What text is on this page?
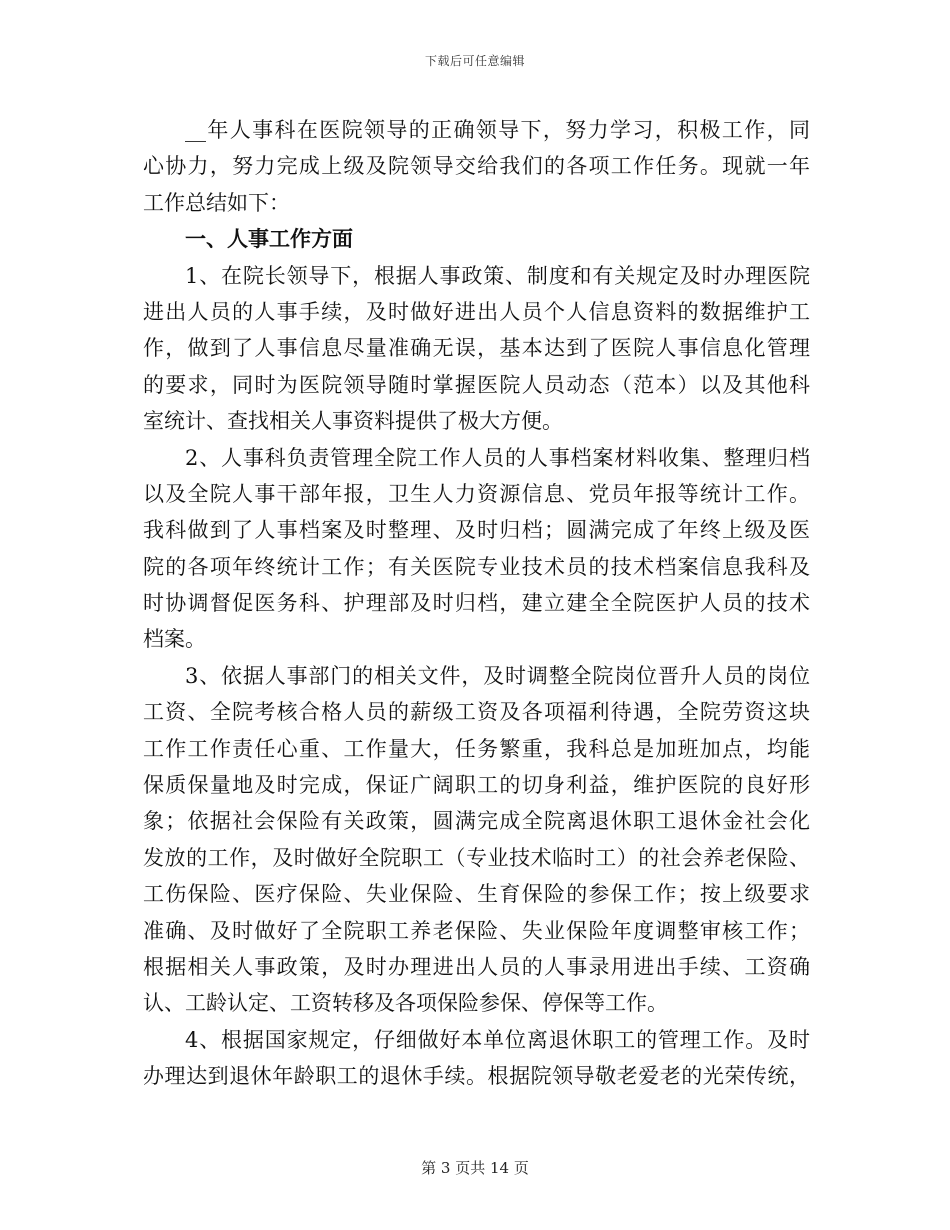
下载后可任意编辑
__年人事科在医院领导的正确领导下，努力学习，积极工作，同
心协力，努力完成上级及院领导交给我们的各项工作任务。现就一年
工作总结如下：
一、人事工作方面
1、在院长领导下，根据人事政策、制度和有关规定及时办理医院
进出人员的人事手续，及时做好进出人员个人信息资料的数据维护工
作，做到了人事信息尽量准确无误，基本达到了医院人事信息化管理
的要求，同时为医院领导随时掌握医院人员动态（范本）以及其他科
室统计、查找相关人事资料提供了极大方便。
2、人事科负责管理全院工作人员的人事档案材料收集、整理归档
以及全院人事干部年报，卫生人力资源信息、党员年报等统计工作。
我科做到了人事档案及时整理、及时归档；圆满完成了年终上级及医
院的各项年终统计工作；有关医院专业技术员的技术档案信息我科及
时协调督促医务科、护理部及时归档，建立建全全院医护人员的技术
档案。
3、依据人事部门的相关文件，及时调整全院岗位晋升人员的岗位
工资、全院考核合格人员的薪级工资及各项福利待遇，全院劳资这块
工作工作责任心重、工作量大，任务繁重，我科总是加班加点，均能
保质保量地及时完成，保证广阔职工的切身利益，维护医院的良好形
象；依据社会保险有关政策，圆满完成全院离退休职工退休金社会化
发放的工作，及时做好全院职工（专业技术临时工）的社会养老保险、
工伤保险、医疗保险、失业保险、生育保险的参保工作；按上级要求
准确、及时做好了全院职工养老保险、失业保险年度调整审核工作；
根据相关人事政策，及时办理进出人员的人事录用进出手续、工资确
认、工龄认定、工资转移及各项保险参保、停保等工作。
4、根据国家规定，仔细做好本单位离退休职工的管理工作。及时
办理达到退休年龄职工的退休手续。根据院领导敬老爱老的光荣传统，
第 3 页共 14 页
